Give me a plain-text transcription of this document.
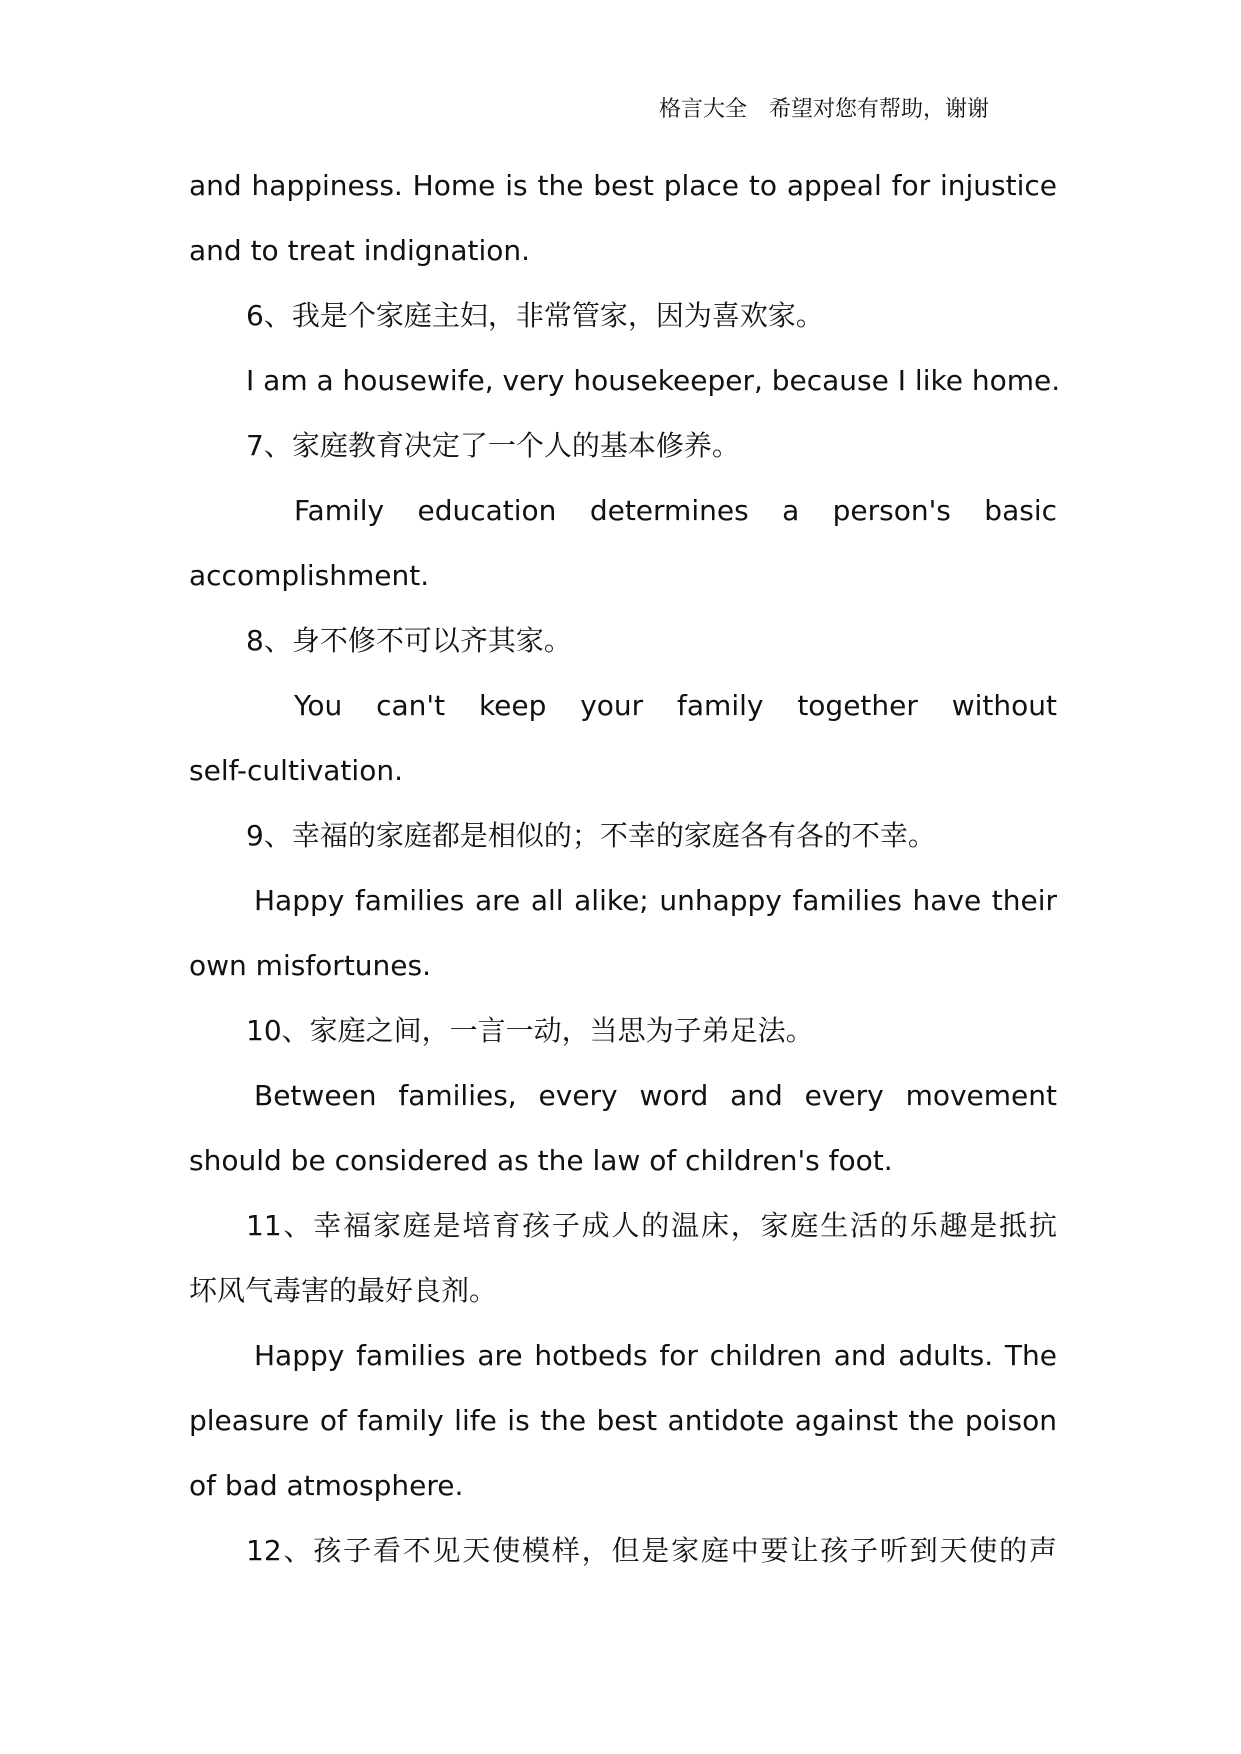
格言大全 希望对您有帮助，谢谢
and happiness. Home is the best place to appeal for injustice
and to treat indignation.
6、我是个家庭主妇，非常管家，因为喜欢家。
I am a housewife, very housekeeper, because I like home.
7、家庭教育决定了一个人的基本修养。
Family education determines a person's basic
accomplishment.
8、身不修不可以齐其家。
You can't keep your family together without
self-cultivation.
9、幸福的家庭都是相似的；不幸的家庭各有各的不幸。
Happy families are all alike; unhappy families have their
own misfortunes.
10、家庭之间，一言一动，当思为子弟足法。
Between families, every word and every movement
should be considered as the law of children's foot.
11、幸福家庭是培育孩子成人的温床，家庭生活的乐趣是抵抗
坏风气毒害的最好良剂。
Happy families are hotbeds for children and adults. The
pleasure of family life is the best antidote against the poison
of bad atmosphere.
12、孩子看不见天使模样，但是家庭中要让孩子听到天使的声
